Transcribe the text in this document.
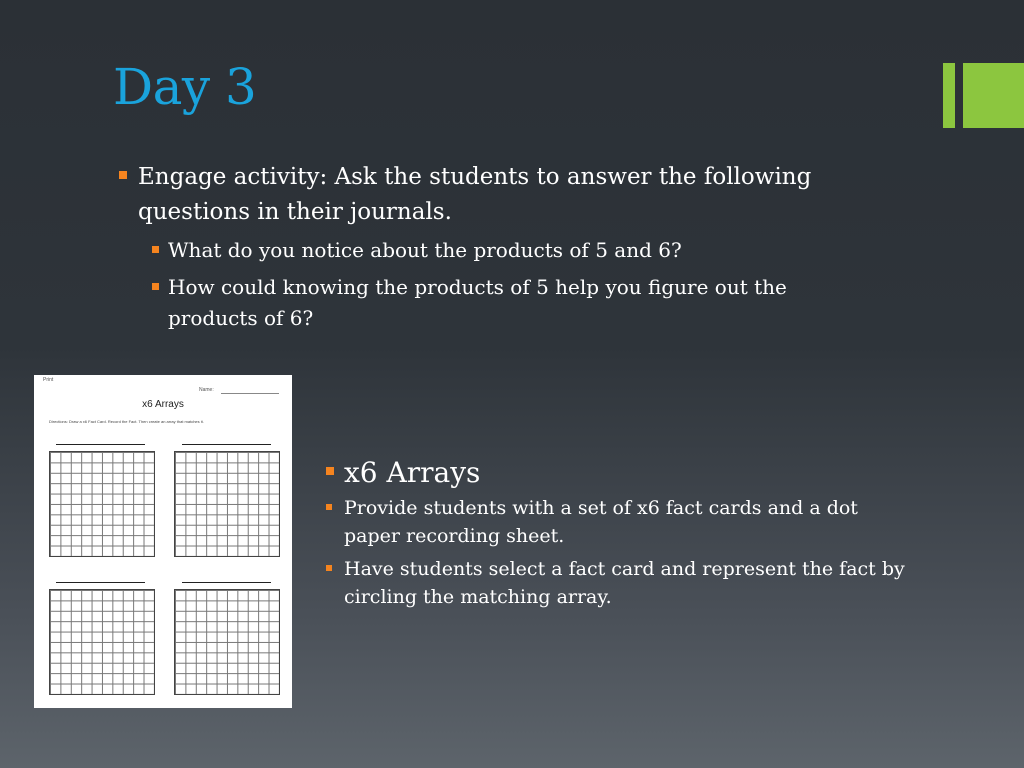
Day 3
Engage activity: Ask the students to answer the following questions in their journals.
What do you notice about the products of 5 and 6?
How could knowing the products of 5 help you figure out the products of 6?
Print
Name:
x6 Arrays
Directions: Draw a x6 Fact Card. Record the Fact. Then create an array that matches it.
x6 Arrays
Provide students with a set of x6 fact cards and a dot paper recording sheet.
Have students select a fact card and represent the fact by circling the matching array.
